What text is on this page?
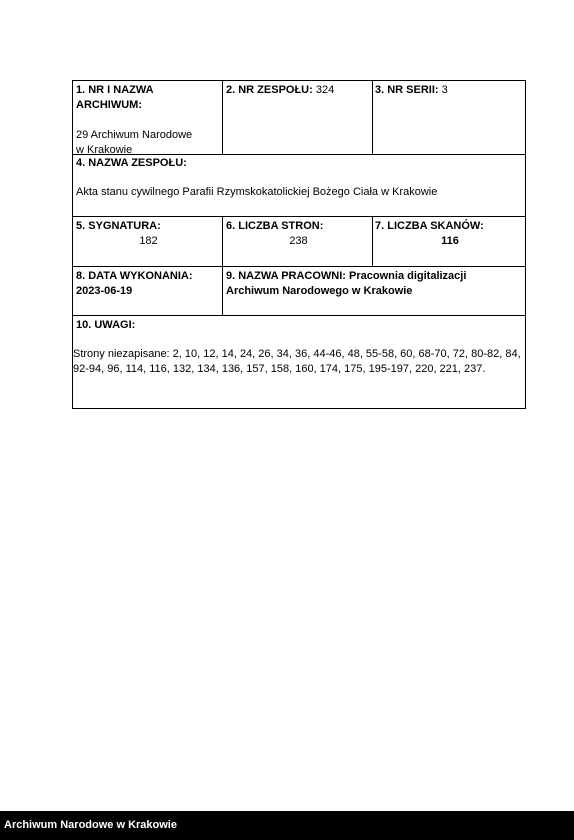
1. NR I NAZWA ARCHIWUM:

29 Archiwum Narodowe
w Krakowie
2. NR ZESPOŁU: 324	3. NR SERII: 3
4. NAZWA ZESPOŁU:
Akta stanu cywilnego Parafii Rzymskokatolickiej Bożego Ciała w Krakowie
5. SYGNATURA:
182
6. LICZBA STRON:
238
7. LICZBA SKANÓW:
116
8. DATA WYKONANIA:
2023-06-19
9. NAZWA PRACOWNI: Pracownia digitalizacji
Archiwum Narodowego w Krakowie
10. UWAGI:
Strony niezapisane: 2, 10, 12, 14, 24, 26, 34, 36, 44-46, 48, 55-58, 60, 68-70, 72, 80-82, 84,
92-94, 96, 114, 116, 132, 134, 136, 157, 158, 160, 174, 175, 195-197, 220, 221, 237.
Archiwum Narodowe w Krakowie
